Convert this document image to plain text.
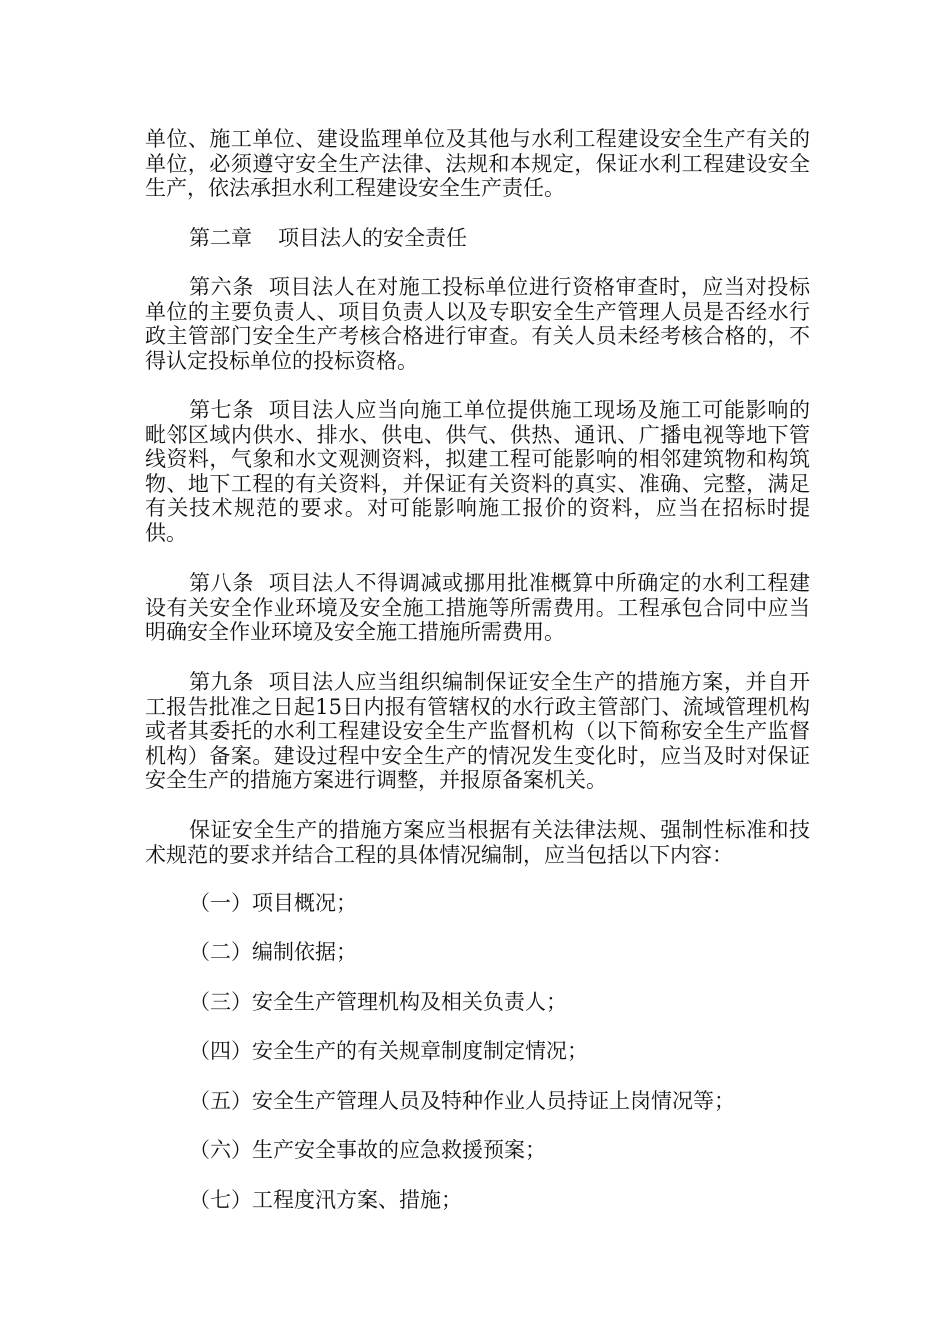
单位、施工单位、建设监理单位及其他与水利工程建设安全生产有关的单位，必须遵守安全生产法律、法规和本规定，保证水利工程建设安全生产，依法承担水利工程建设安全生产责任。

第二章 项目法人的安全责任

第六条 项目法人在对施工投标单位进行资格审查时，应当对投标单位的主要负责人、项目负责人以及专职安全生产管理人员是否经水行政主管部门安全生产考核合格进行审查。有关人员未经考核合格的，不得认定投标单位的投标资格。

第七条 项目法人应当向施工单位提供施工现场及施工可能影响的毗邻区域内供水、排水、供电、供气、供热、通讯、广播电视等地下管线资料，气象和水文观测资料，拟建工程可能影响的相邻建筑物和构筑物、地下工程的有关资料，并保证有关资料的真实、准确、完整，满足有关技术规范的要求。对可能影响施工报价的资料，应当在招标时提供。

第八条 项目法人不得调减或挪用批准概算中所确定的水利工程建设有关安全作业环境及安全施工措施等所需费用。工程承包合同中应当明确安全作业环境及安全施工措施所需费用。

第九条 项目法人应当组织编制保证安全生产的措施方案，并自开工报告批准之日起15日内报有管辖权的水行政主管部门、流域管理机构或者其委托的水利工程建设安全生产监督机构（以下简称安全生产监督机构）备案。建设过程中安全生产的情况发生变化时，应当及时对保证安全生产的措施方案进行调整，并报原备案机关。

保证安全生产的措施方案应当根据有关法律法规、强制性标准和技术规范的要求并结合工程的具体情况编制，应当包括以下内容：

（一）项目概况；
（二）编制依据；
（三）安全生产管理机构及相关负责人；
（四）安全生产的有关规章制度制定情况；
（五）安全生产管理人员及特种作业人员持证上岗情况等；
（六）生产安全事故的应急救援预案；
（七）工程度汛方案、措施；
